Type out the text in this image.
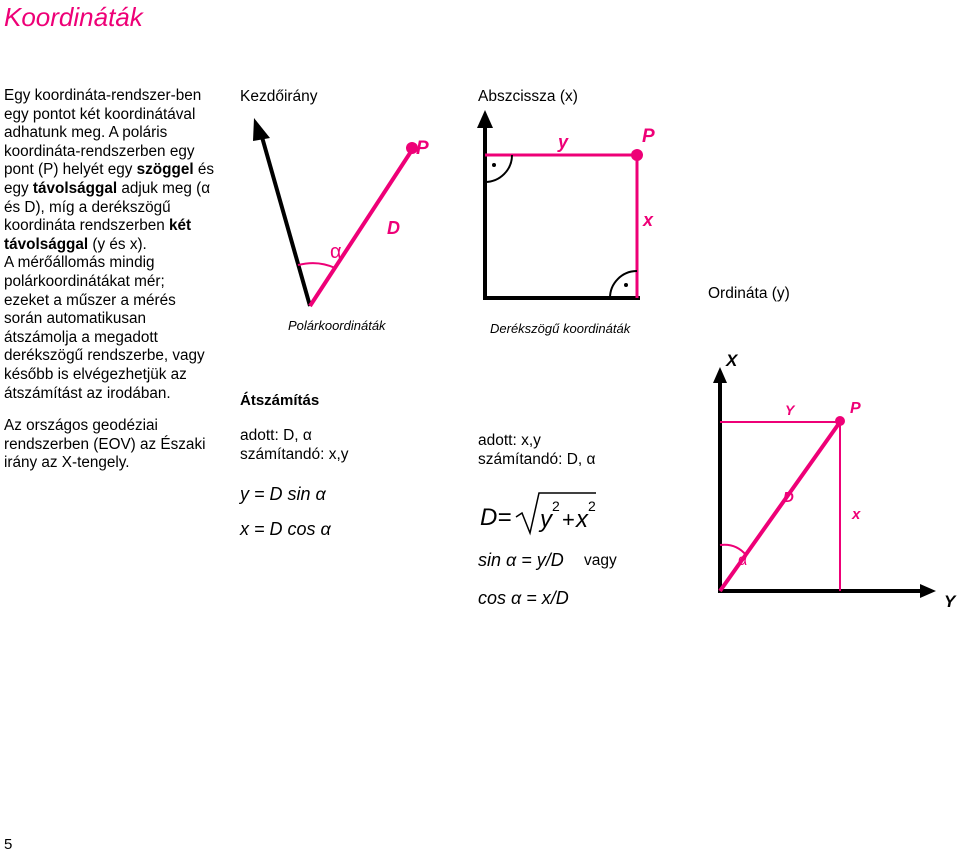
Koordináták

Egy koordináta-rendszer-ben egy pontot két koordinátával adhatunk meg. A poláris koordináta-rendszerben egy pont (P) helyét egy szöggel és egy távolsággal adjuk meg (α és D), míg a derékszögű koordináta rendszerben két távolsággal (y és x).

A mérőállomás mindig polárkoordinátákat mér; ezeket a műszer a mérés során automatikusan átszámolja a megadott derékszögű rendszerbe, vagy később is elvégezhetjük az átszámítást az irodában.

Az országos geodéziai rendszerben (EOV) az Északi irány az X-tengely.

Kezdőirány
P
D
α
Polárkoordináták
Abszcissza (x)
P
y
x
Derékszögű koordináták
Ordináta (y)
X
Y
P
Y
x
D
α
Átszámítás
adott: D, α
számítandó: x,y
y = D sin α
x = D cos α
adott: x,y
számítandó: D, α
D= y 2
+ x 2
sin α = y/D vagy
cos α = x/D
5
